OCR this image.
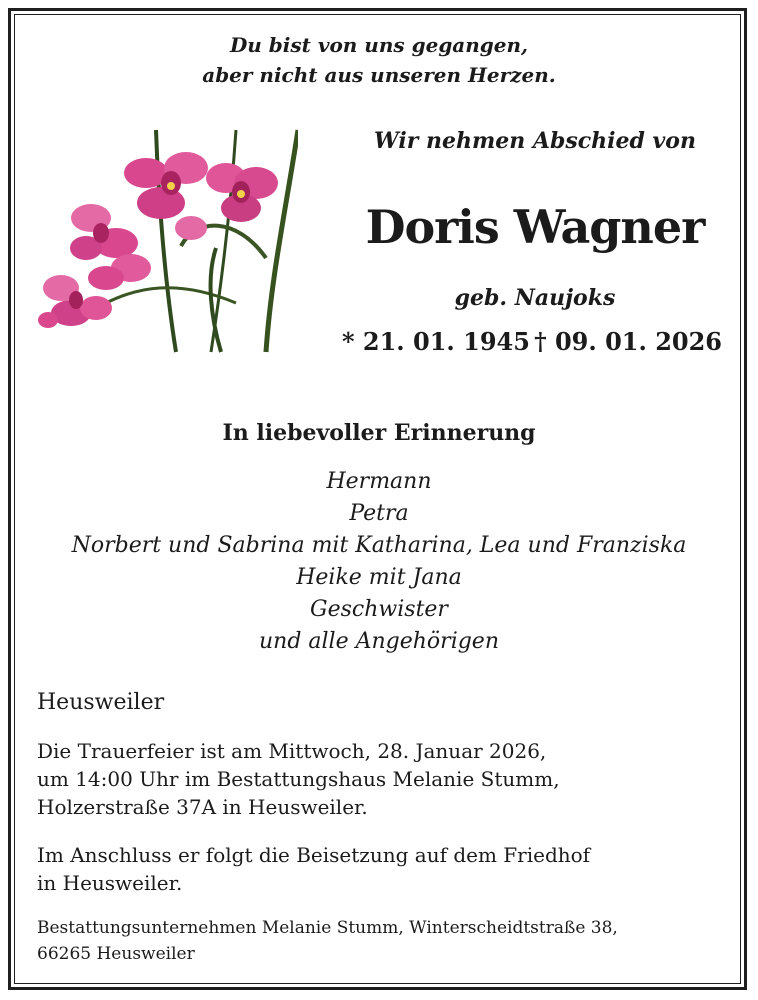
Du bist von uns gegangen,
aber nicht aus unseren Herzen.
Wir nehmen Abschied von
Doris Wagner
geb. Naujoks
* 21. 01. 1945 † 09. 01. 2026
In liebevoller Erinnerung
Hermann
Petra
Norbert und Sabrina mit Katharina, Lea und Franziska
Heike mit Jana
Geschwister
und alle Angehörigen
Heusweiler
Die Trauerfeier ist am Mittwoch, 28. Januar 2026,
um 14:00 Uhr im Bestattungshaus Melanie Stumm,
Holzerstraße 37A in Heusweiler.
Im Anschluss er folgt die Beisetzung auf dem Friedhof
in Heusweiler.
Bestattungsunternehmen Melanie Stumm, Winterscheidtstraße 38,
66265 Heusweiler
